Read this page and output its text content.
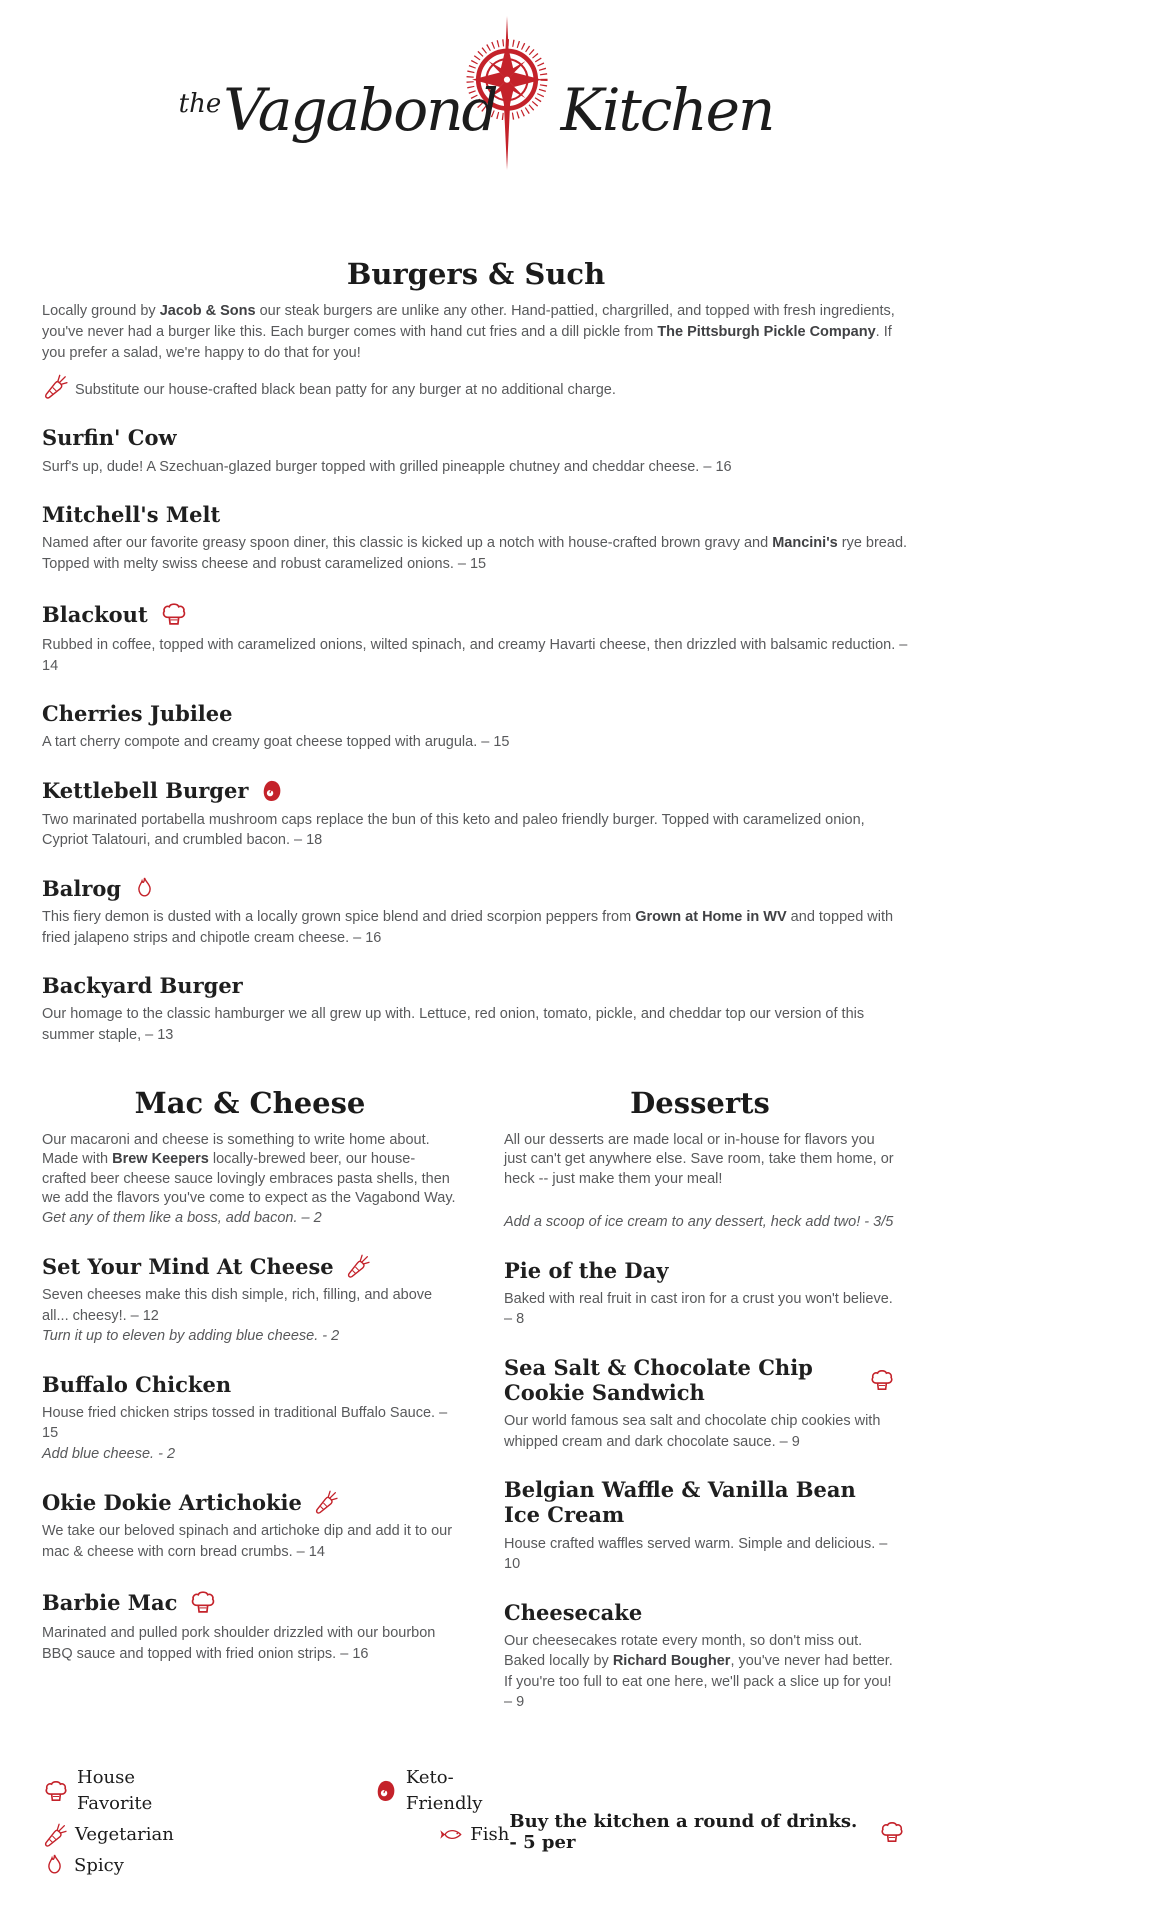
theVagabond Kitchen
Burgers & Such

Locally ground by Jacob & Sons our steak burgers are unlike any other. Hand-pattied, chargrilled, and topped with fresh ingredients, you've never had a burger like this. Each burger comes with hand cut fries and a dill pickle from The Pittsburgh Pickle Company. If you prefer a salad, we're happy to do that for you!

Substitute our house-crafted black bean patty for any burger at no additional charge.
Surfin' Cow

Surf's up, dude! A Szechuan-glazed burger topped with grilled pineapple chutney and cheddar cheese. – 16

Mitchell's Melt

Named after our favorite greasy spoon diner, this classic is kicked up a notch with house-crafted brown gravy and Mancini's rye bread. Topped with melty swiss cheese and robust caramelized onions. – 15

Blackout

Rubbed in coffee, topped with caramelized onions, wilted spinach, and creamy Havarti cheese, then drizzled with balsamic reduction. – 14

Cherries Jubilee

A tart cherry compote and creamy goat cheese topped with arugula. – 15

Kettlebell Burger

Two marinated portabella mushroom caps replace the bun of this keto and paleo friendly burger. Topped with caramelized onion, Cypriot Talatouri, and crumbled bacon. – 18

Balrog

This fiery demon is dusted with a locally grown spice blend and dried scorpion peppers from Grown at Home in WV and topped with fried jalapeno strips and chipotle cream cheese. – 16

Backyard Burger

Our homage to the classic hamburger we all grew up with. Lettuce, red onion, tomato, pickle, and cheddar top our version of this summer staple, – 13

Mac & Cheese

Our macaroni and cheese is something to write home about. Made with Brew Keepers locally-brewed beer, our house-crafted beer cheese sauce lovingly embraces pasta shells, then we add the flavors you've come to expect as the Vagabond Way.

Get any of them like a boss, add bacon. – 2

Set Your Mind At Cheese

Seven cheeses make this dish simple, rich, filling, and above all... cheesy!. – 12

Turn it up to eleven by adding blue cheese. - 2

Buffalo Chicken

House fried chicken strips tossed in traditional Buffalo Sauce. – 15

Add blue cheese. - 2

Okie Dokie Artichokie

We take our beloved spinach and artichoke dip and add it to our mac & cheese with corn bread crumbs. – 14

Barbie Mac

Marinated and pulled pork shoulder drizzled with our bourbon BBQ sauce and topped with fried onion strips. – 16

Desserts

All our desserts are made local or in-house for flavors you just can't get anywhere else. Save room, take them home, or heck -- just make them your meal!

Add a scoop of ice cream to any dessert, heck add two! - 3/5

Pie of the Day

Baked with real fruit in cast iron for a crust you won't believe. – 8

Sea Salt & Chocolate Chip Cookie Sandwich

Our world famous sea salt and chocolate chip cookies with whipped cream and dark chocolate sauce. – 9

Belgian Waffle & Vanilla Bean Ice Cream

House crafted waffles served warm. Simple and delicious. – 10

Cheesecake

Our cheesecakes rotate every month, so don't miss out. Baked locally by Richard Bougher, you've never had better. If you're too full to eat one here, we'll pack a slice up for you! – 9

House Favorite
Vegetarian
Spicy
Keto-Friendly
Fish
Buy the kitchen a round of drinks. - 5 per
